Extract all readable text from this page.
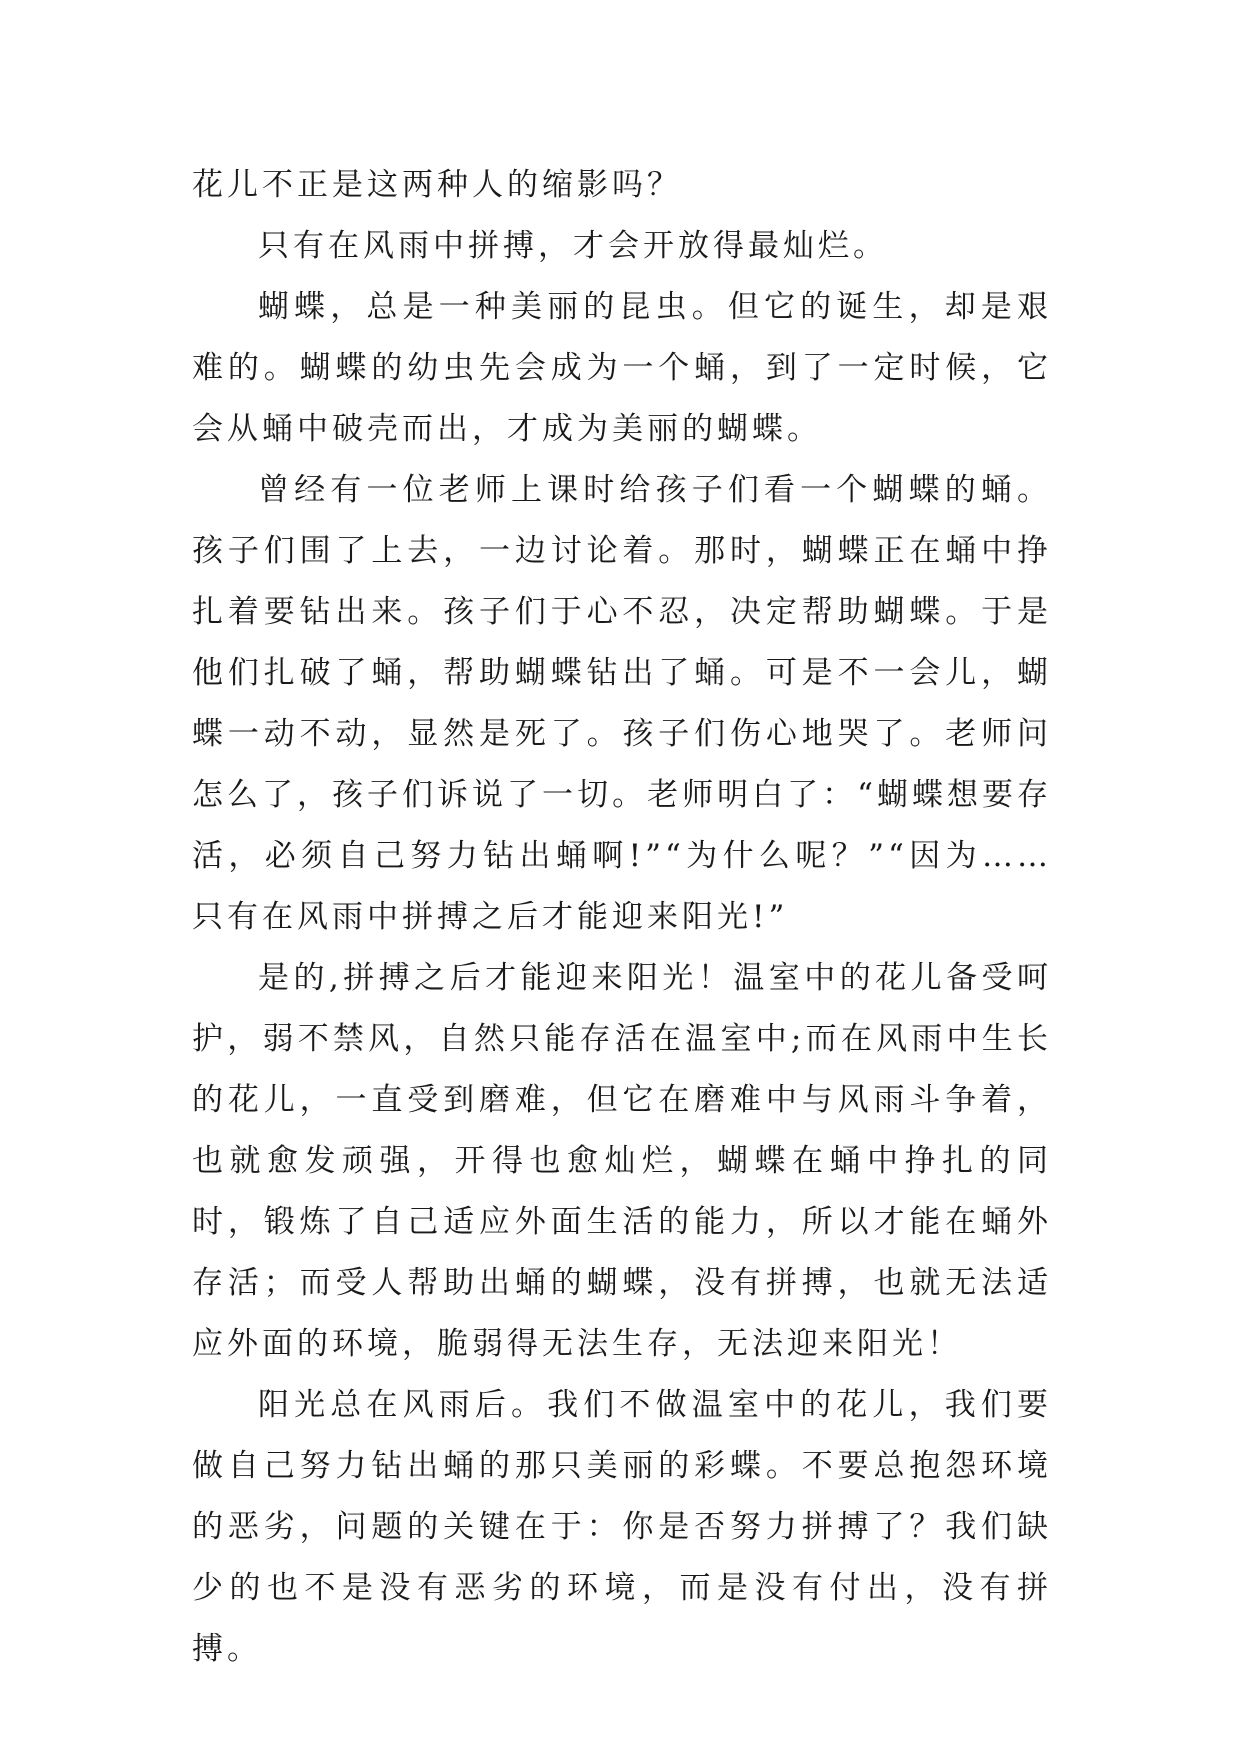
花儿不正是这两种人的缩影吗？

只有在风雨中拼搏，才会开放得最灿烂。

蝴蝶，总是一种美丽的昆虫。但它的诞生，却是艰难的。蝴蝶的幼虫先会成为一个蛹，到了一定时候，它会从蛹中破壳而出，才成为美丽的蝴蝶。

曾经有一位老师上课时给孩子们看一个蝴蝶的蛹。孩子们围了上去，一边讨论着。那时，蝴蝶正在蛹中挣扎着要钻出来。孩子们于心不忍，决定帮助蝴蝶。于是他们扎破了蛹，帮助蝴蝶钻出了蛹。可是不一会儿，蝴蝶一动不动，显然是死了。孩子们伤心地哭了。老师问怎么了，孩子们诉说了一切。老师明白了：“蝴蝶想要存活，必须自己努力钻出蛹啊!”“为什么呢？”“因为……只有在风雨中拼搏之后才能迎来阳光!”

是的,拼搏之后才能迎来阳光！温室中的花儿备受呵护，弱不禁风，自然只能存活在温室中;而在风雨中生长的花儿，一直受到磨难，但它在磨难中与风雨斗争着，也就愈发顽强，开得也愈灿烂，蝴蝶在蛹中挣扎的同时，锻炼了自己适应外面生活的能力，所以才能在蛹外存活；而受人帮助出蛹的蝴蝶，没有拼搏，也就无法适应外面的环境，脆弱得无法生存，无法迎来阳光！

阳光总在风雨后。我们不做温室中的花儿，我们要做自己努力钻出蛹的那只美丽的彩蝶。不要总抱怨环境的恶劣，问题的关键在于：你是否努力拼搏了？我们缺少的也不是没有恶劣的环境，而是没有付出，没有拼搏。
